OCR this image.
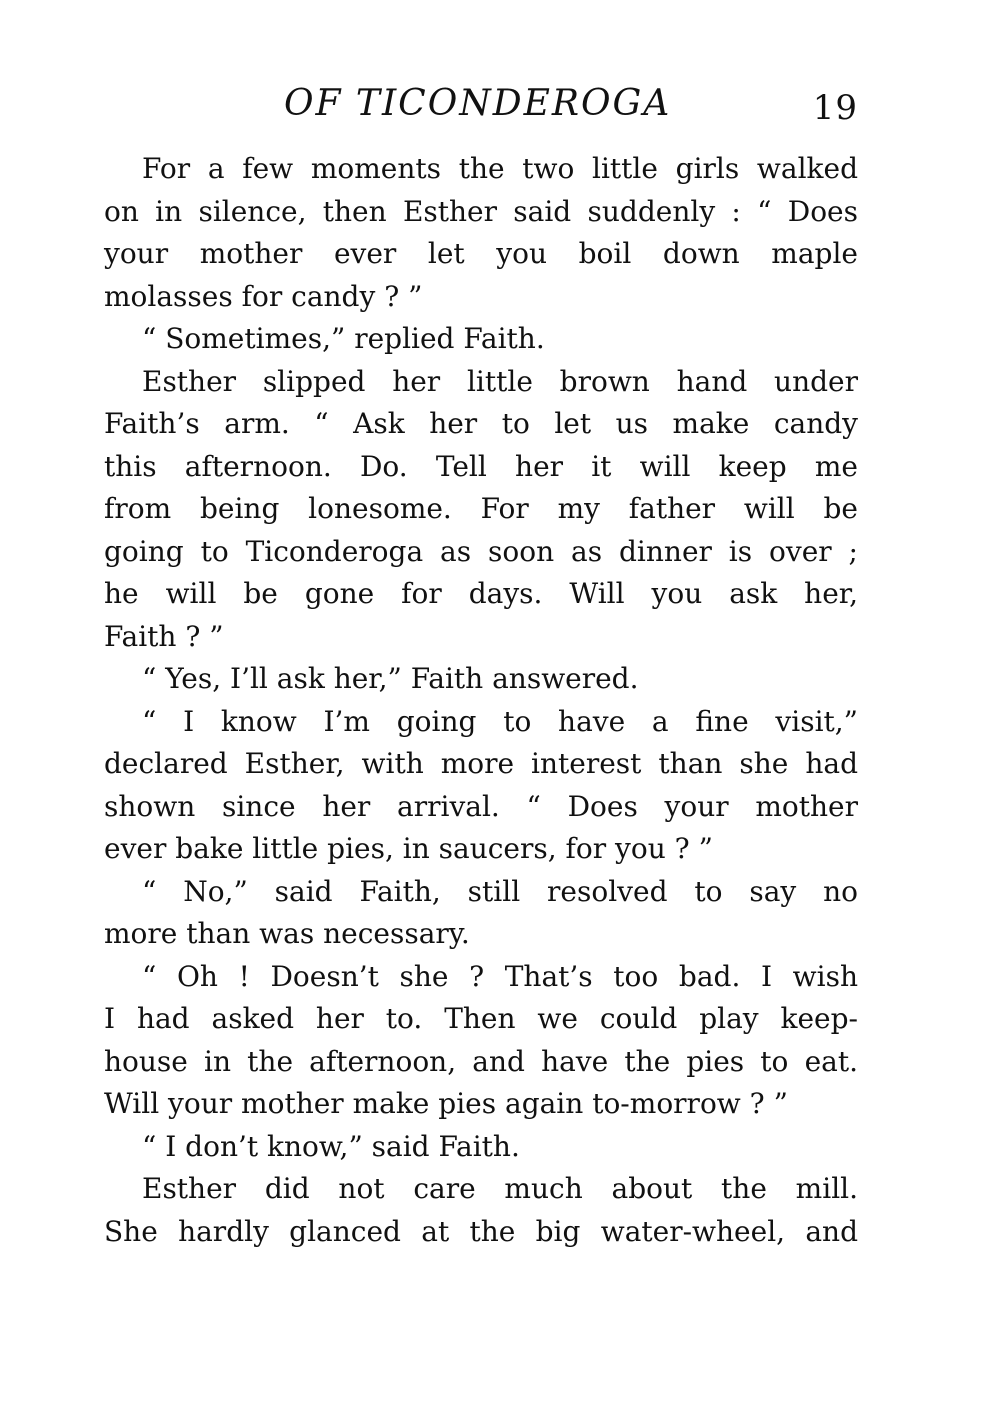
OF TICONDEROGA	19
For a few moments the two little girls walked
on in silence, then Esther said suddenly : “ Does
your mother ever let you boil down maple
molasses for candy ? ”
“ Sometimes,” replied Faith.
Esther slipped her little brown hand under
Faith’s arm. “ Ask her to let us make candy
this afternoon. Do. Tell her it will keep me
from being lonesome. For my father will be
going to Ticonderoga as soon as dinner is over ;
he will be gone for days. Will you ask her,
Faith ? ”
“ Yes, I’ll ask her,” Faith answered.
“ I know I’m going to have a fine visit,”
declared Esther, with more interest than she had
shown since her arrival. “ Does your mother
ever bake little pies, in saucers, for you ? ”
“ No,” said Faith, still resolved to say no
more than was necessary.
“ Oh ! Doesn’t she ? That’s too bad. I wish
I had asked her to. Then we could play keep-
house in the afternoon, and have the pies to eat.
Will your mother make pies again to-morrow ? ”
“ I don’t know,” said Faith.
Esther did not care much about the mill.
She hardly glanced at the big water-wheel, and
